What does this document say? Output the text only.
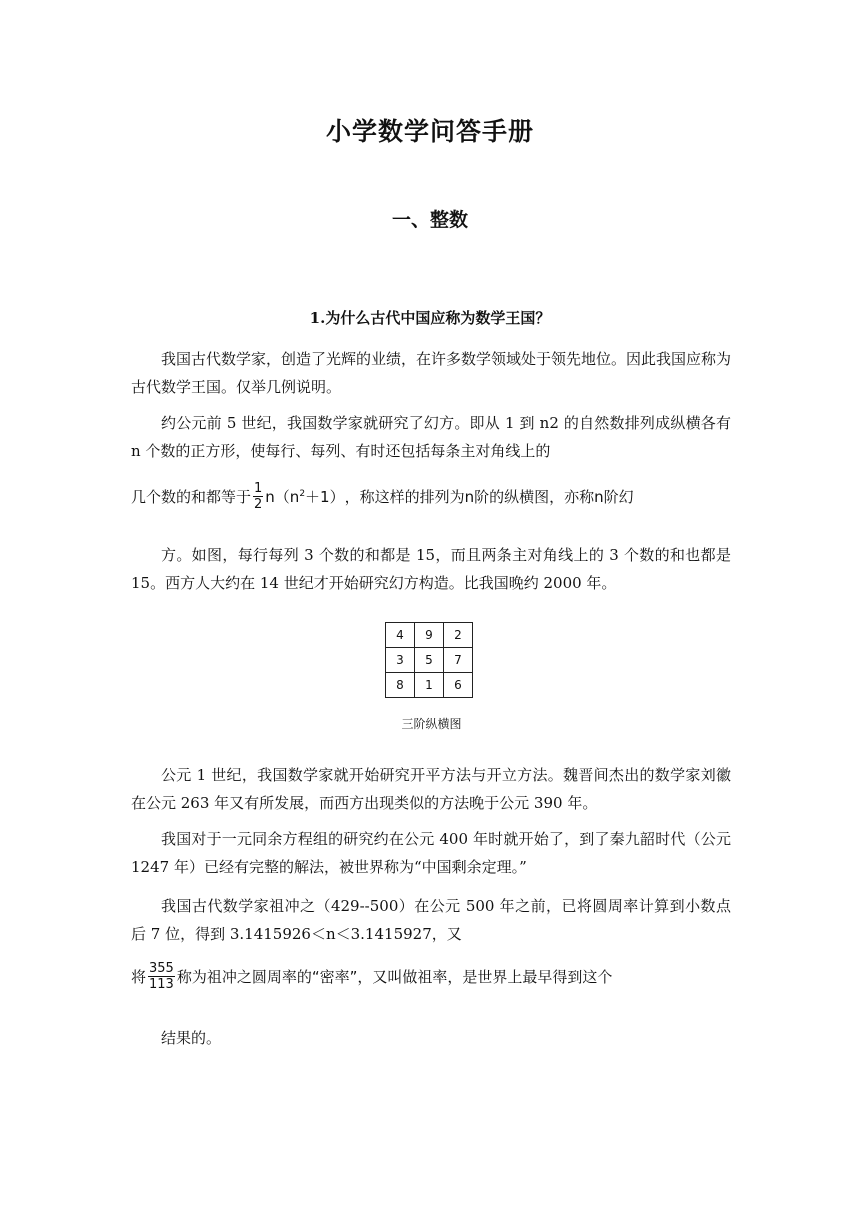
小学数学问答手册
一、整数
1.为什么古代中国应称为数学王国？

我国古代数学家，创造了光辉的业绩，在许多数学领域处于领先地位。因此我国应称为古代数学王国。仅举几例说明。

约公元前 5 世纪，我国数学家就研究了幻方。即从 1 到 n2 的自然数排列成纵横各有 n 个数的正方形，使每行、每列、有时还包括每条主对角线上的

几个数的和都等于 $\frac{1}{2} n(n^2+1)$ ，称这样的排列为n阶的纵横图，亦称n阶幻

方。如图，每行每列 3 个数的和都是 15，而且两条主对角线上的 3 个数的和也都是 15。西方人大约在 14 世纪才开始研究幻方构造。比我国晚约 2000 年。

4	9	2
3	5	7
8	1	6
三阶纵横图

公元 1 世纪，我国数学家就开始研究开平方法与开立方法。魏晋间杰出的数学家刘徽在公元 263 年又有所发展，而西方出现类似的方法晚于公元 390 年。

我国对于一元同余方程组的研究约在公元 400 年时就开始了，到了秦九韶时代（公元 1247 年）已经有完整的解法，被世界称为“中国剩余定理。”

我国古代数学家祖冲之（429--500）在公元 500 年之前，已将圆周率计算到小数点后 7 位，得到 3.1415926＜n＜3.1415927，又

将 $\frac{355}{113}$ 称为祖冲之圆周率的“密率”，又叫做祖率，是世界上最早得到这个
结果的。
